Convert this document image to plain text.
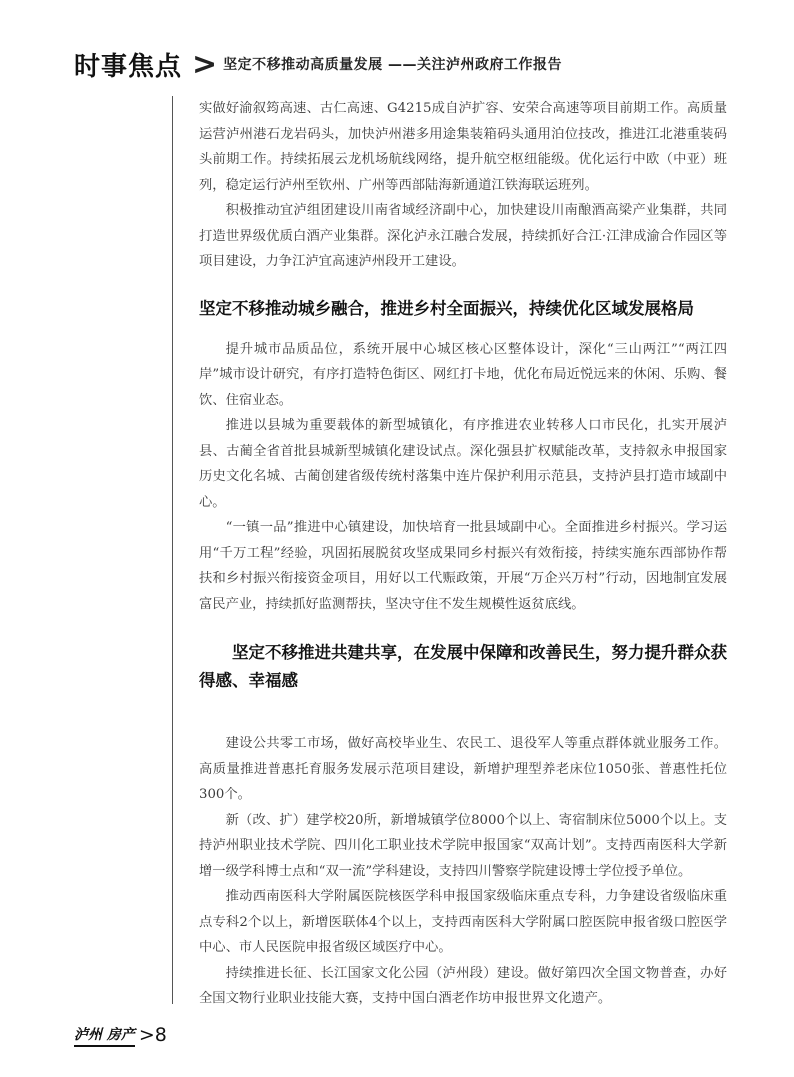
时事焦点 > 坚定不移推动高质量发展 ——关注泸州政府工作报告

实做好渝叙筠高速、古仁高速、G4215成自泸扩容、安荣合高速等项目前期工作。高质量运营泸州港石龙岩码头，加快泸州港多用途集装箱码头通用泊位技改，推进江北港重装码头前期工作。持续拓展云龙机场航线网络，提升航空枢纽能级。优化运行中欧（中亚）班列，稳定运行泸州至钦州、广州等西部陆海新通道江铁海联运班列。

积极推动宜泸组团建设川南省域经济副中心，加快建设川南酿酒高梁产业集群，共同打造世界级优质白酒产业集群。深化泸永江融合发展，持续抓好合江·江津成渝合作园区等项目建设，力争江泸宜高速泸州段开工建设。

坚定不移推动城乡融合，推进乡村全面振兴，持续优化区域发展格局

提升城市品质品位，系统开展中心城区核心区整体设计，深化“三山两江”“两江四岸”城市设计研究，有序打造特色街区、网红打卡地，优化布局近悦远来的休闲、乐购、餐饮、住宿业态。

推进以县城为重要载体的新型城镇化，有序推进农业转移人口市民化，扎实开展泸县、古蔺全省首批县城新型城镇化建设试点。深化强县扩权赋能改革，支持叙永申报国家历史文化名城、古蔺创建省级传统村落集中连片保护利用示范县，支持泸县打造市域副中心。

“一镇一品”推进中心镇建设，加快培育一批县域副中心。全面推进乡村振兴。学习运用“千万工程”经验，巩固拓展脱贫攻坚成果同乡村振兴有效衔接，持续实施东西部协作帮扶和乡村振兴衔接资金项目，用好以工代赈政策，开展“万企兴万村”行动，因地制宜发展富民产业，持续抓好监测帮扶，坚决守住不发生规模性返贫底线。

坚定不移推进共建共享，在发展中保障和改善民生，努力提升群众获得感、幸福感

建设公共零工市场，做好高校毕业生、农民工、退役军人等重点群体就业服务工作。高质量推进普惠托育服务发展示范项目建设，新增护理型养老床位1050张、普惠性托位300个。

新（改、扩）建学校20所，新增城镇学位8000个以上、寄宿制床位5000个以上。支持泸州职业技术学院、四川化工职业技术学院申报国家“双高计划”。支持西南医科大学新增一级学科博士点和“双一流”学科建设，支持四川警察学院建设博士学位授予单位。

推动西南医科大学附属医院核医学科申报国家级临床重点专科，力争建设省级临床重点专科2个以上，新增医联体4个以上，支持西南医科大学附属口腔医院申报省级口腔医学中心、市人民医院申报省级区域医疗中心。

持续推进长征、长江国家文化公园（泸州段）建设。做好第四次全国文物普查，办好全国文物行业职业技能大赛，支持中国白酒老作坊申报世界文化遗产。

泸州 房产 >8
